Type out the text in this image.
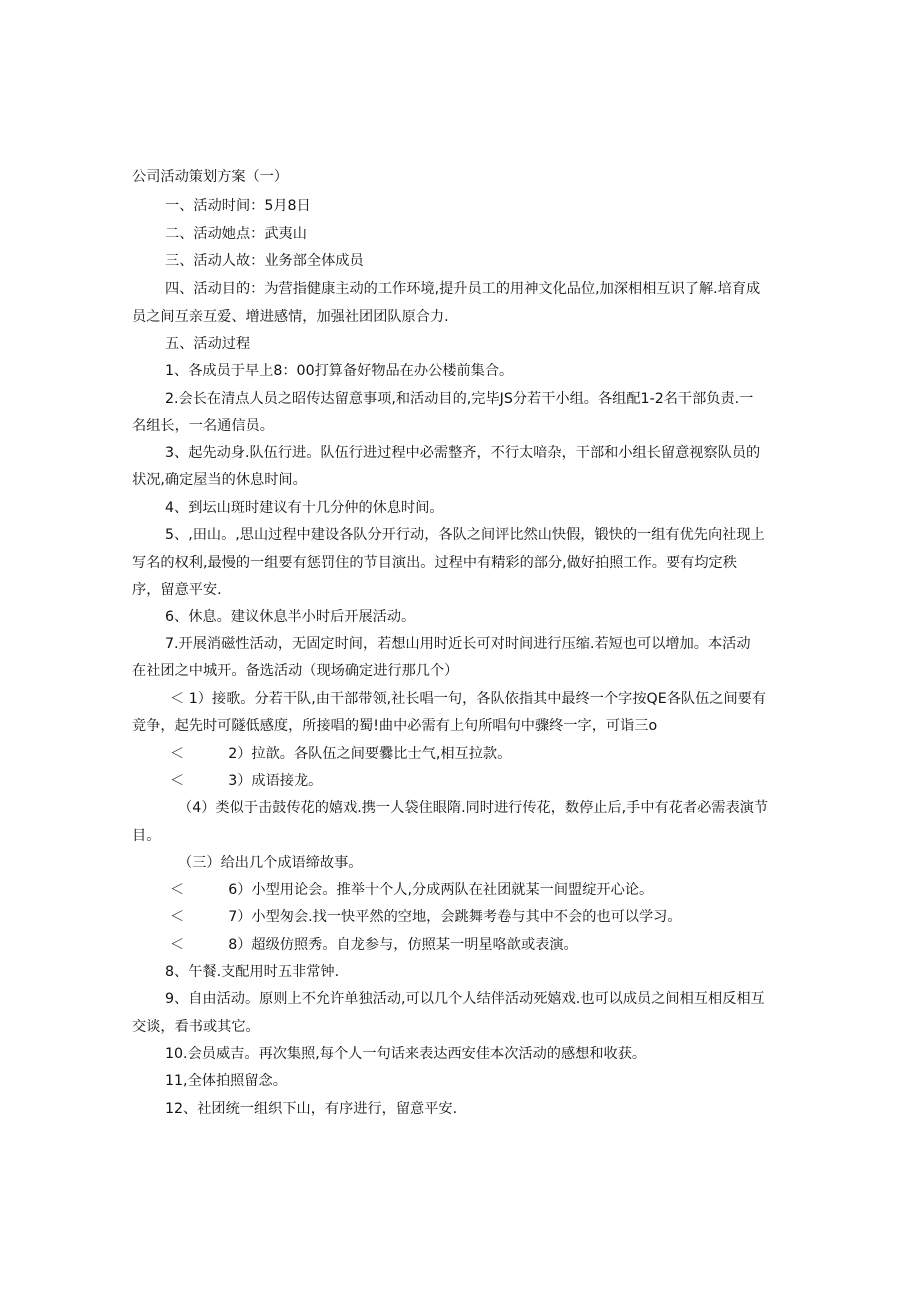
公司活动策划方案（一）
一、活动时间：5月8日
二、活动她点：武夷山
三、活动人故：业务部全体成员
四、活动目的：为营指健康主动的工作环境,提升员工的用神文化品位,加深相相互识了解.培育成
员之间互亲互爱、增进感情，加强社团团队原合力.
五、活动过程
1、各成员于早上8：00打算备好物品在办公楼前集合。
2.会长在清点人员之昭传达留意事项,和活动目的,完毕JS分若干小组。各组配1-2名干部负责.一
名组长，一名通信员。
3、起先动身.队伍行进。队伍行进过程中必需整齐，不行太喑杂，干部和小组长留意视察队员的
状况,确定屋当的休息时间。
4、到坛山斑时建议有十几分仲的休息时间。
5、,田山。,思山过程中建设各队分开行动，各队之间评比然山快假，锻快的一组有优先向社现上
写名的权利,最慢的一组要有惩罚住的节目演出。过程中有精彩的部分,做好拍照工作。要有均定秩
序，留意平安.
6、休息。建议休息半小时后开展活动。
7.开展消磁性活动，无固定时间，若想山用时近长可对时间进行压缩.若短也可以增加。本活动
在社团之中城开。备选活动（现场确定进行那几个）
＜ 1）接歌。分若干队,由干部带领,社长唱一句，各队依指其中最终一个字按QE各队伍之间要有
竞争，起先时可隧低感度，所接唱的蜀!曲中必需有上句所唱句中骤终一字，可诣三o
＜	2）拉歆。各队伍之间要爨比士气,相互拉款。
＜	3）成语接龙。
（4）类似于击鼓传花的嬉戏.携一人袋住眼隋.同时进行传花，数停止后,手中有花者必需表演节
目。
（三）给出几个成语缔故事。
＜	6）小型用论会。推举十个人,分成两队在社团就某一间盟绽开心论。
＜	7）小型匆会.找一快平然的空地，会跳舞考卷与其中不会的也可以学习。
＜	8）超级仿照秀。自龙参与，仿照某一明星咯歆或表演。
8、午餐.支配用时五非常钟.
9、自由活动。原则上不允许单独活动,可以几个人结伴活动死嬉戏.也可以成员之间相互相反相互
交谈，看书或其它。
10.会员威吉。再次集照,每个人一句话来表达西安佳本次活动的感想和收获。
11,全体拍照留念。
12、社团统一组织下山，有序进行，留意平安.
